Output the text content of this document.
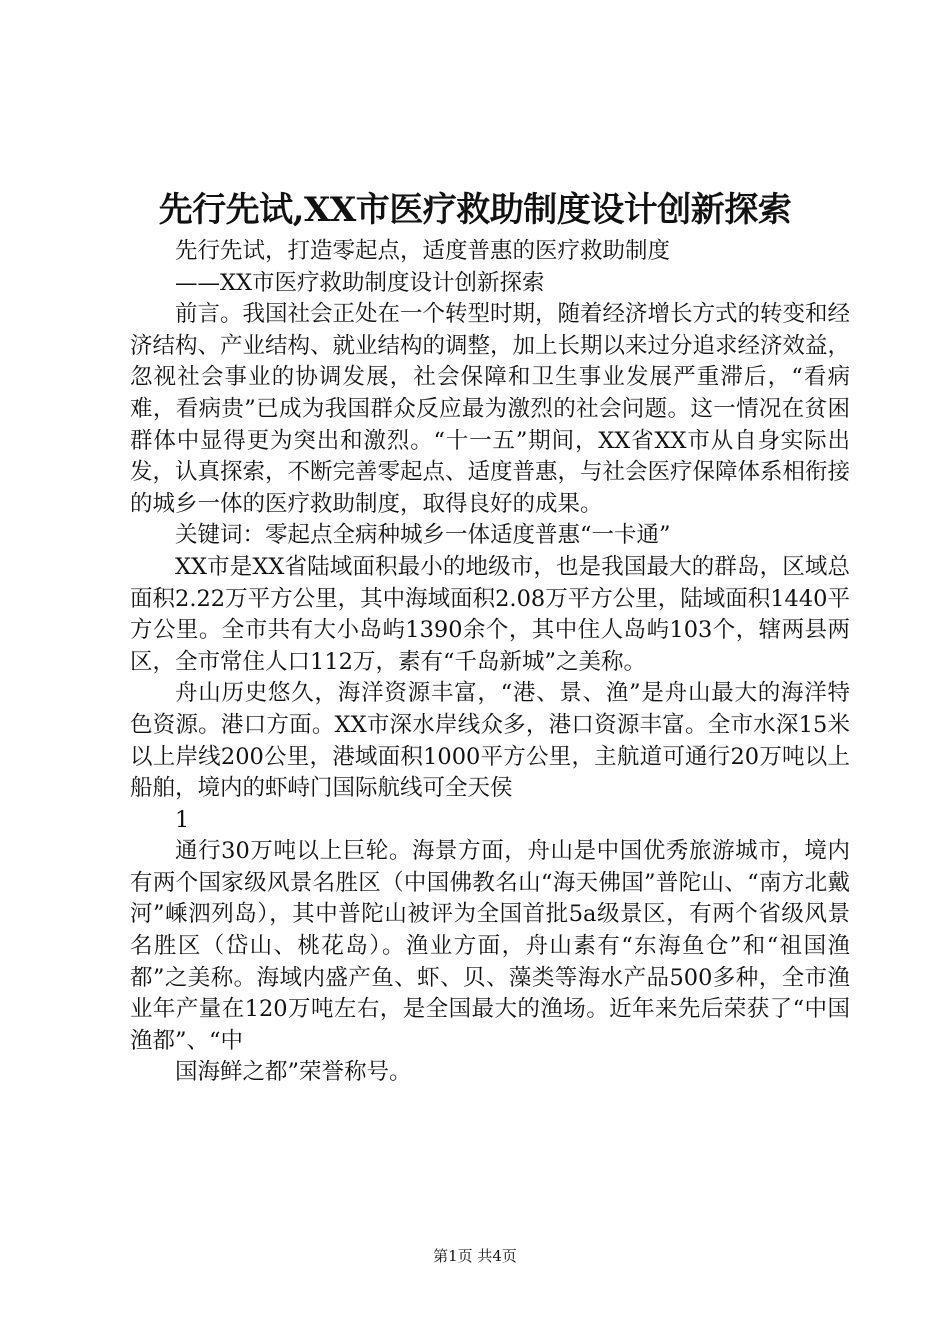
先行先试,XX市医疗救助制度设计创新探索

先行先试，打造零起点，适度普惠的医疗救助制度

——XX市医疗救助制度设计创新探索

前言。我国社会正处在一个转型时期，随着经济增长方式的转变和经济结构、产业结构、就业结构的调整，加上长期以来过分追求经济效益，忽视社会事业的协调发展，社会保障和卫生事业发展严重滞后，“看病难，看病贵”已成为我国群众反应最为激烈的社会问题。这一情况在贫困群体中显得更为突出和激烈。“十一五”期间，XX省XX市从自身实际出发，认真探索，不断完善零起点、适度普惠，与社会医疗保障体系相衔接的城乡一体的医疗救助制度，取得良好的成果。

关键词：零起点全病种城乡一体适度普惠“一卡通”

XX市是XX省陆域面积最小的地级市，也是我国最大的群岛，区域总面积2.22万平方公里，其中海域面积2.08万平方公里，陆域面积1440平方公里。全市共有大小岛屿1390余个，其中住人岛屿103个，辖两县两区，全市常住人口112万，素有“千岛新城”之美称。

舟山历史悠久，海洋资源丰富，“港、景、渔”是舟山最大的海洋特色资源。港口方面。XX市深水岸线众多，港口资源丰富。全市水深15米以上岸线200公里，港域面积1000平方公里，主航道可通行20万吨以上船舶，境内的虾峙门国际航线可全天侯

1

通行30万吨以上巨轮。海景方面，舟山是中国优秀旅游城市，境内有两个国家级风景名胜区（中国佛教名山“海天佛国”普陀山、“南方北戴河”嵊泗列岛），其中普陀山被评为全国首批5a级景区，有两个省级风景名胜区（岱山、桃花岛）。渔业方面，舟山素有“东海鱼仓”和“祖国渔都”之美称。海域内盛产鱼、虾、贝、藻类等海水产品500多种，全市渔业年产量在120万吨左右，是全国最大的渔场。近年来先后荣获了“中国渔都”、“中

国海鲜之都”荣誉称号。

第1页 共4页
